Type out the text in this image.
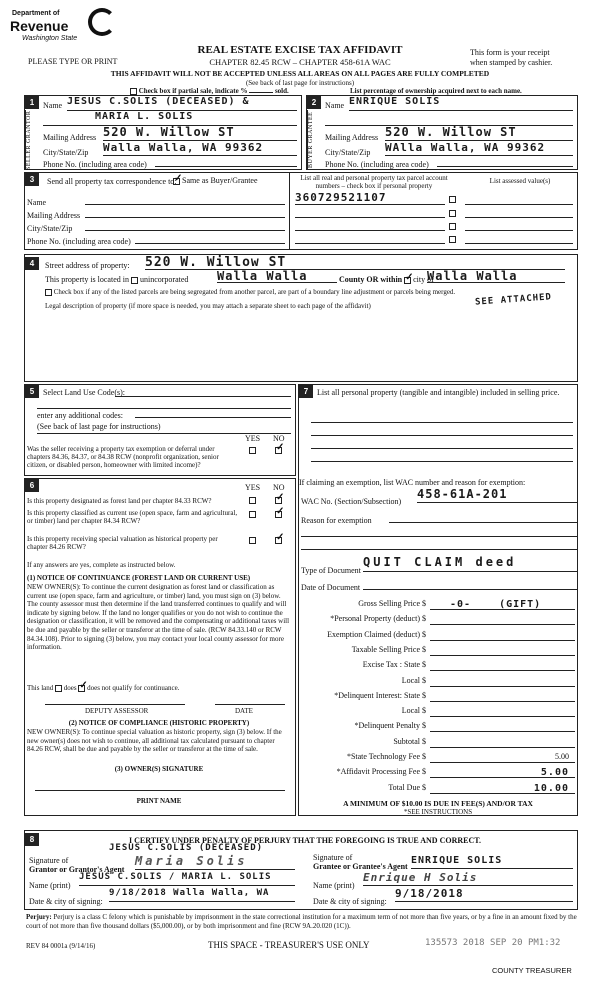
Department of
Revenue
Washington State
PLEASE TYPE OR PRINT
REAL ESTATE EXCISE TAX AFFIDAVIT
CHAPTER 82.45 RCW – CHAPTER 458-61A WAC
This form is your receipt
when stamped by cashier.
THIS AFFIDAVIT WILL NOT BE ACCEPTED UNLESS ALL AREAS ON ALL PAGES ARE FULLY COMPLETED
(See back of last page for instructions)
Check box if partial sale, indicate %	sold.	List percentage of ownership acquired next to each name.
1
SELLER GRANTOR
Name JESUS C.SOLIS (DECEASED) &
MARIA L. SOLIS
Mailing Address 520 W. Willow ST
City/State/Zip Walla Walla, WA 99362
Phone No. (including area code)
2
BUYER GRANTEE
Name ENRIQUE SOLIS
Mailing Address 520 W. Willow ST
City/State/Zip WAlla Walla, WA 99362
Phone No. (including area code)
3	Send all property tax correspondence to:
✓ Same as Buyer/Grantee
Name
Mailing Address
City/State/Zip
Phone No. (including area code)
List all real and personal property tax parcel account numbers – check box if personal property
List assessed value(s)
360729521107
4	Street address of property: 520 W. Willow ST
This property is located in unincorporated Walla Walla	County OR within ✓ city of
Walla Walla
Check box if any of the listed parcels are being segregated from another parcel, are part of a boundary line adjustment or parcels being merged.
Legal description of property (if more space is needed, you may attach a separate sheet to each page of the affidavit)	SEE ATTACHED
5	Select Land Use Code(s):
enter any additional codes:
(See back of last page for instructions)
YES NO
Was the seller receiving a property tax exemption or deferral under chapters 84.36, 84.37, or 84.38 RCW (nonprofit organization, senior citizen, or disabled person, homeowner with limited income)?
✓
6	YES NO
Is this property designated as forest land per chapter 84.33 RCW?	✓
Is this property classified as current use (open space, farm and agricultural, or timber) land per chapter 84.34 RCW?
✓
Is this property receiving special valuation as historical property per chapter 84.26 RCW?
✓
If any answers are yes, complete as instructed below.
(1) NOTICE OF CONTINUANCE (FOREST LAND OR CURRENT USE)
NEW OWNER(S): To continue the current designation as forest land or classification as current use (open space, farm and agriculture, or timber) land, you must sign on (3) below. The county assessor must then determine if the land transferred continues to qualify and will indicate by signing below. If the land no longer qualifies or you do not wish to continue the designation or classification, it will be removed and the compensating or additional taxes will be due and payable by the seller or transferor at the time of sale. (RCW 84.33.140 or RCW 84.34.108). Prior to signing (3) below, you may contact your local county assessor for more information.
This land does ✓ does not qualify for continuance.
DEPUTY ASSESSOR	DATE
(2) NOTICE OF COMPLIANCE (HISTORIC PROPERTY)
NEW OWNER(S): To continue special valuation as historic property, sign (3) below. If the new owner(s) does not wish to continue, all additional tax calculated pursuant to chapter 84.26 RCW, shall be due and payable by the seller or transferor at the time of sale.
(3) OWNER(S) SIGNATURE
PRINT NAME
7	List all personal property (tangible and intangible) included in selling price.
If claiming an exemption, list WAC number and reason for exemption:
WAC No. (Section/Subsection)
458-61A-201
Reason for exemption
Type of Document
QUIT CLAIM deed
Date of Document
Gross Selling Price $	-0-	(GIFT)
*Personal Property (deduct) $
Exemption Claimed (deduct) $
Taxable Selling Price $
Excise Tax : State $
Local $
*Delinquent Interest: State $
Local $
*Delinquent Penalty $
Subtotal $
*State Technology Fee $	5.00
*Affidavit Processing Fee $	5.00
Total Due $	10.00
A MINIMUM OF $10.00 IS DUE IN FEE(S) AND/OR TAX
*SEE INSTRUCTIONS
8	I CERTIFY UNDER PENALTY OF PERJURY THAT THE FOREGOING IS TRUE AND CORRECT.
Signature of
Grantor or Grantor's Agent
JESUS C.SOLIS (DECEASED)
Maria Solis
Name (print)
JESUS C.SOLIS / MARIA L. SOLIS
Date & city of signing:
9/18/2018 Walla Walla, WA
Signature of
Grantee or Grantee's Agent
ENRIQUE SOLIS
Name (print)
Enrique H Solis
Date & city of signing:
9/18/2018
Perjury: Perjury is a class C felony which is punishable by imprisonment in the state correctional institution for a maximum term of not more than five years, or by a fine in an amount fixed by the court of not more than five thousand dollars ($5,000.00), or by both imprisonment and fine (RCW 9A.20.020 (1C)).
REV 84 0001a (9/14/16)	THIS SPACE - TREASURER'S USE ONLY	135573 2018 SEP 20 PM1:32
COUNTY TREASURER
